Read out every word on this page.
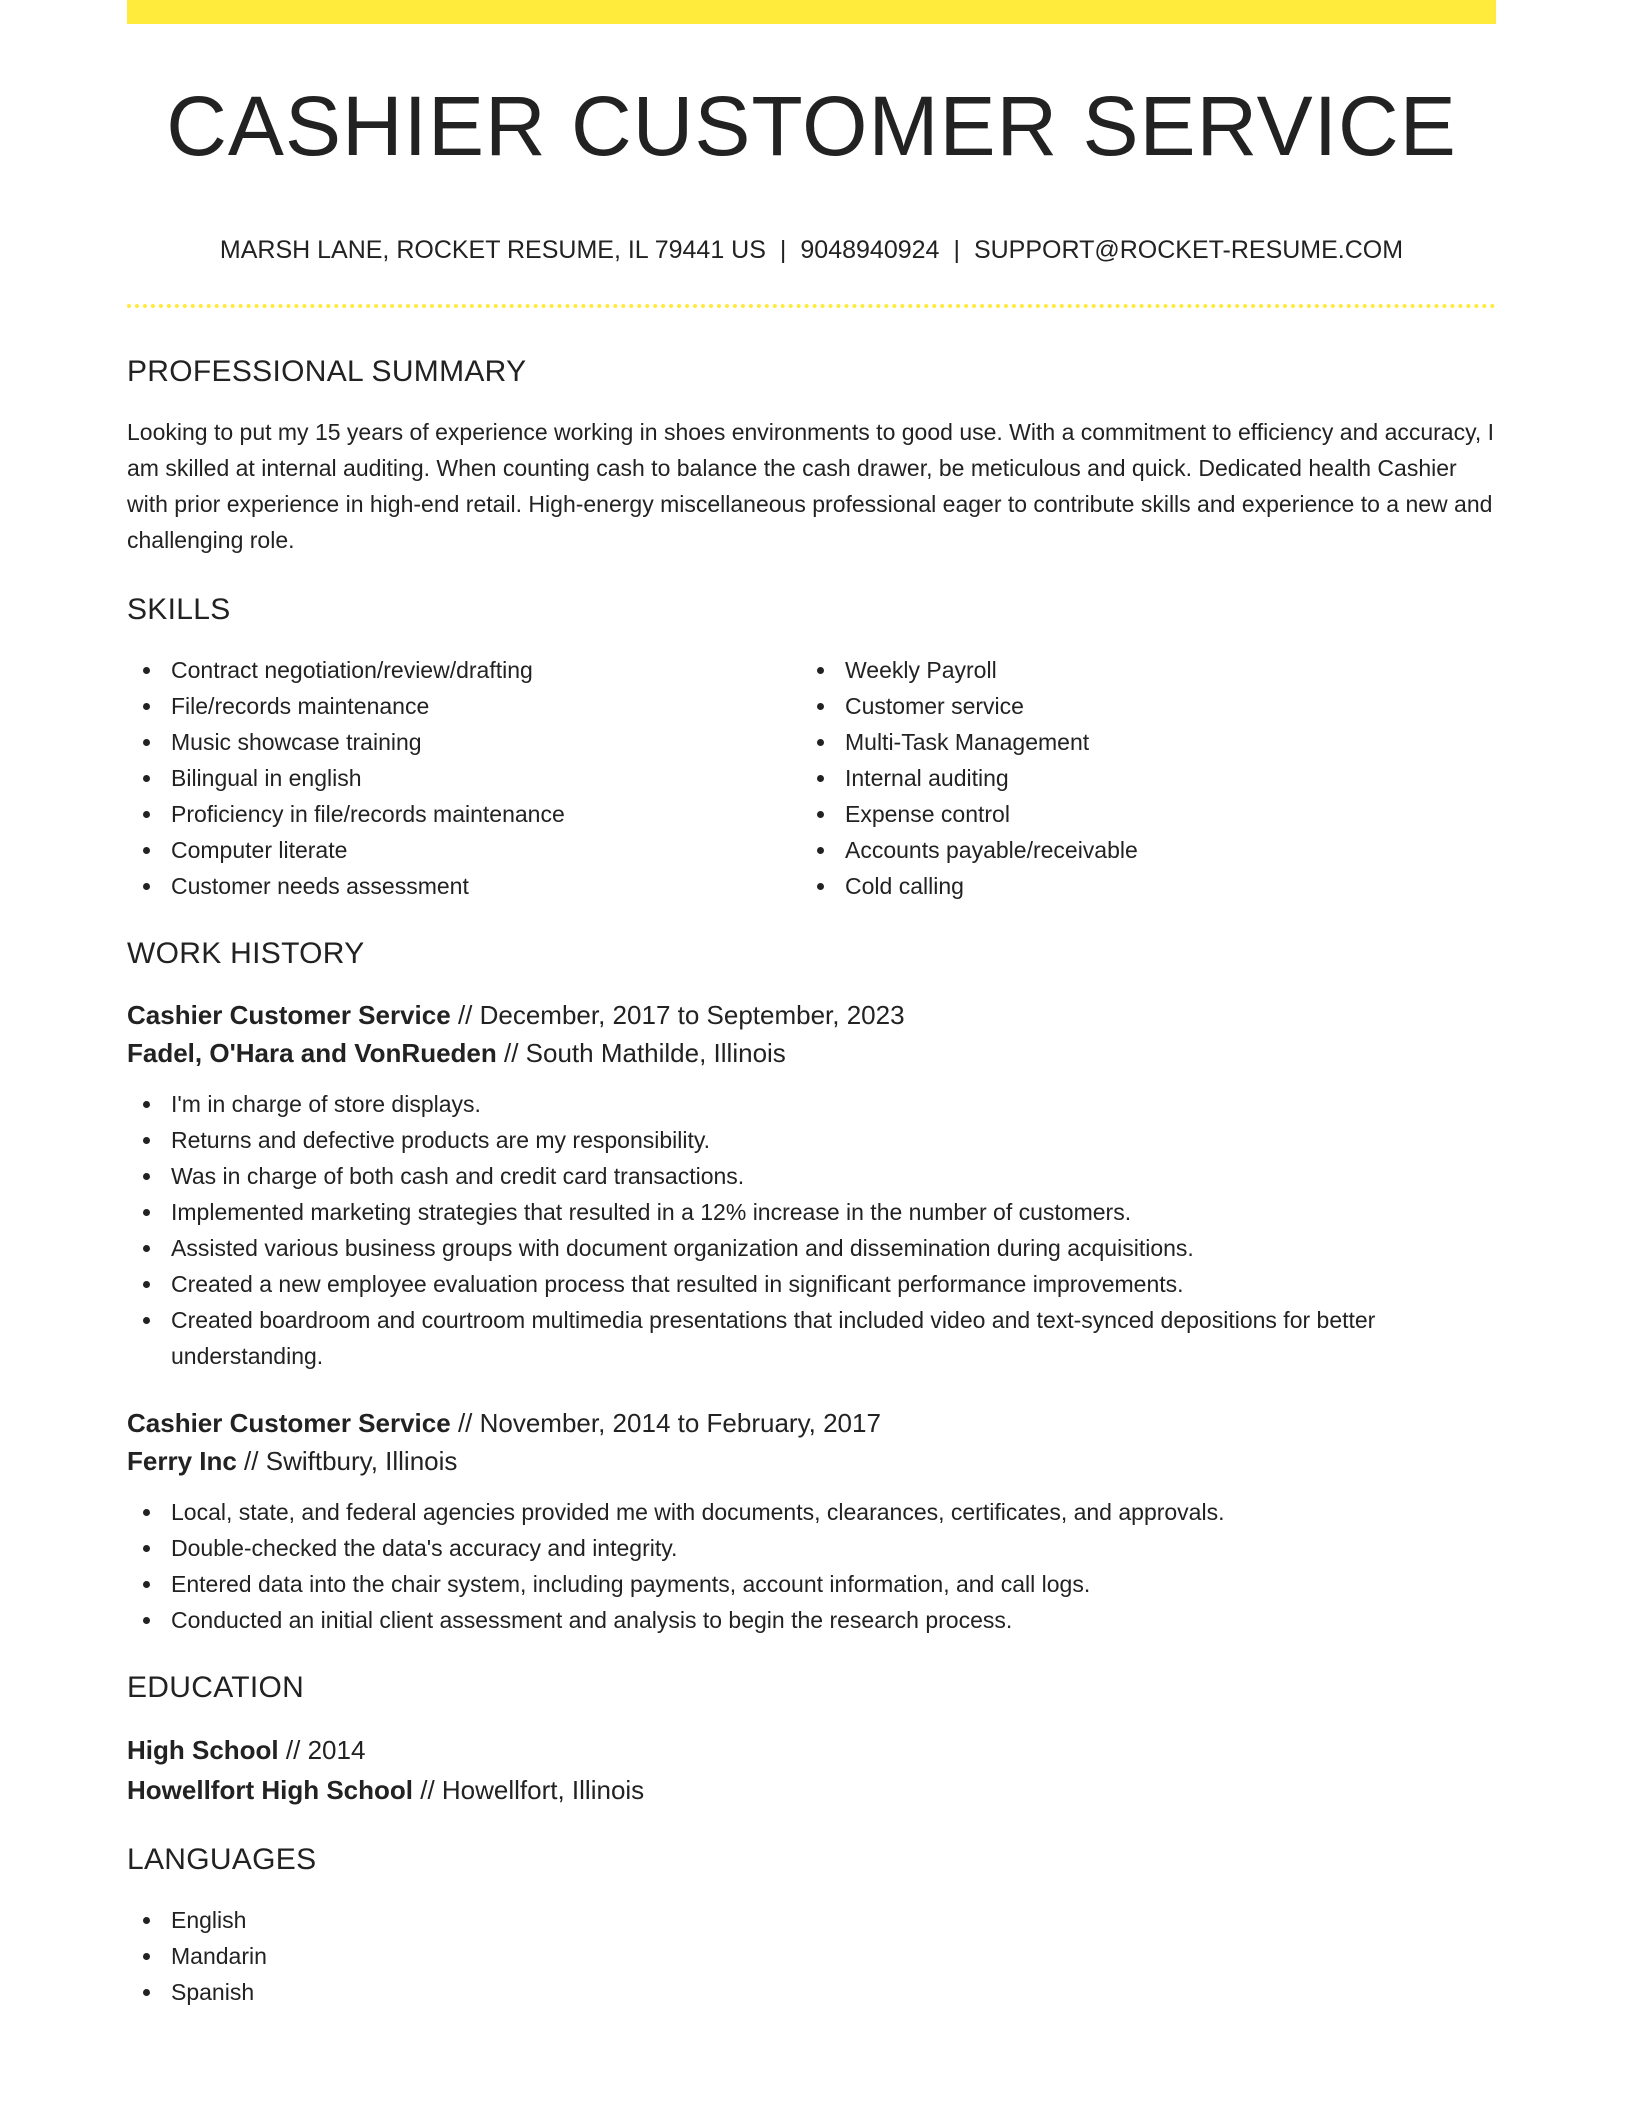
CASHIER CUSTOMER SERVICE
MARSH LANE, ROCKET RESUME, IL 79441 US | 9048940924 | SUPPORT@ROCKET-RESUME.COM
PROFESSIONAL SUMMARY

Looking to put my 15 years of experience working in shoes environments to good use. With a commitment to efficiency and accuracy, I am skilled at internal auditing. When counting cash to balance the cash drawer, be meticulous and quick. Dedicated health Cashier with prior experience in high-end retail. High-energy miscellaneous professional eager to contribute skills and experience to a new and challenging role.

SKILLS
Contract negotiation/review/drafting
File/records maintenance
Music showcase training
Bilingual in english
Proficiency in file/records maintenance
Computer literate
Customer needs assessment
Weekly Payroll
Customer service
Multi-Task Management
Internal auditing
Expense control
Accounts payable/receivable
Cold calling
WORK HISTORY
Cashier Customer Service // December, 2017 to September, 2023
Fadel, O'Hara and VonRueden // South Mathilde, Illinois
I'm in charge of store displays.
Returns and defective products are my responsibility.
Was in charge of both cash and credit card transactions.
Implemented marketing strategies that resulted in a 12% increase in the number of customers.
Assisted various business groups with document organization and dissemination during acquisitions.
Created a new employee evaluation process that resulted in significant performance improvements.
Created boardroom and courtroom multimedia presentations that included video and text-synced depositions for better understanding.
Cashier Customer Service // November, 2014 to February, 2017
Ferry Inc // Swiftbury, Illinois
Local, state, and federal agencies provided me with documents, clearances, certificates, and approvals.
Double-checked the data's accuracy and integrity.
Entered data into the chair system, including payments, account information, and call logs.
Conducted an initial client assessment and analysis to begin the research process.
EDUCATION
High School // 2014
Howellfort High School // Howellfort, Illinois
LANGUAGES
English
Mandarin
Spanish
